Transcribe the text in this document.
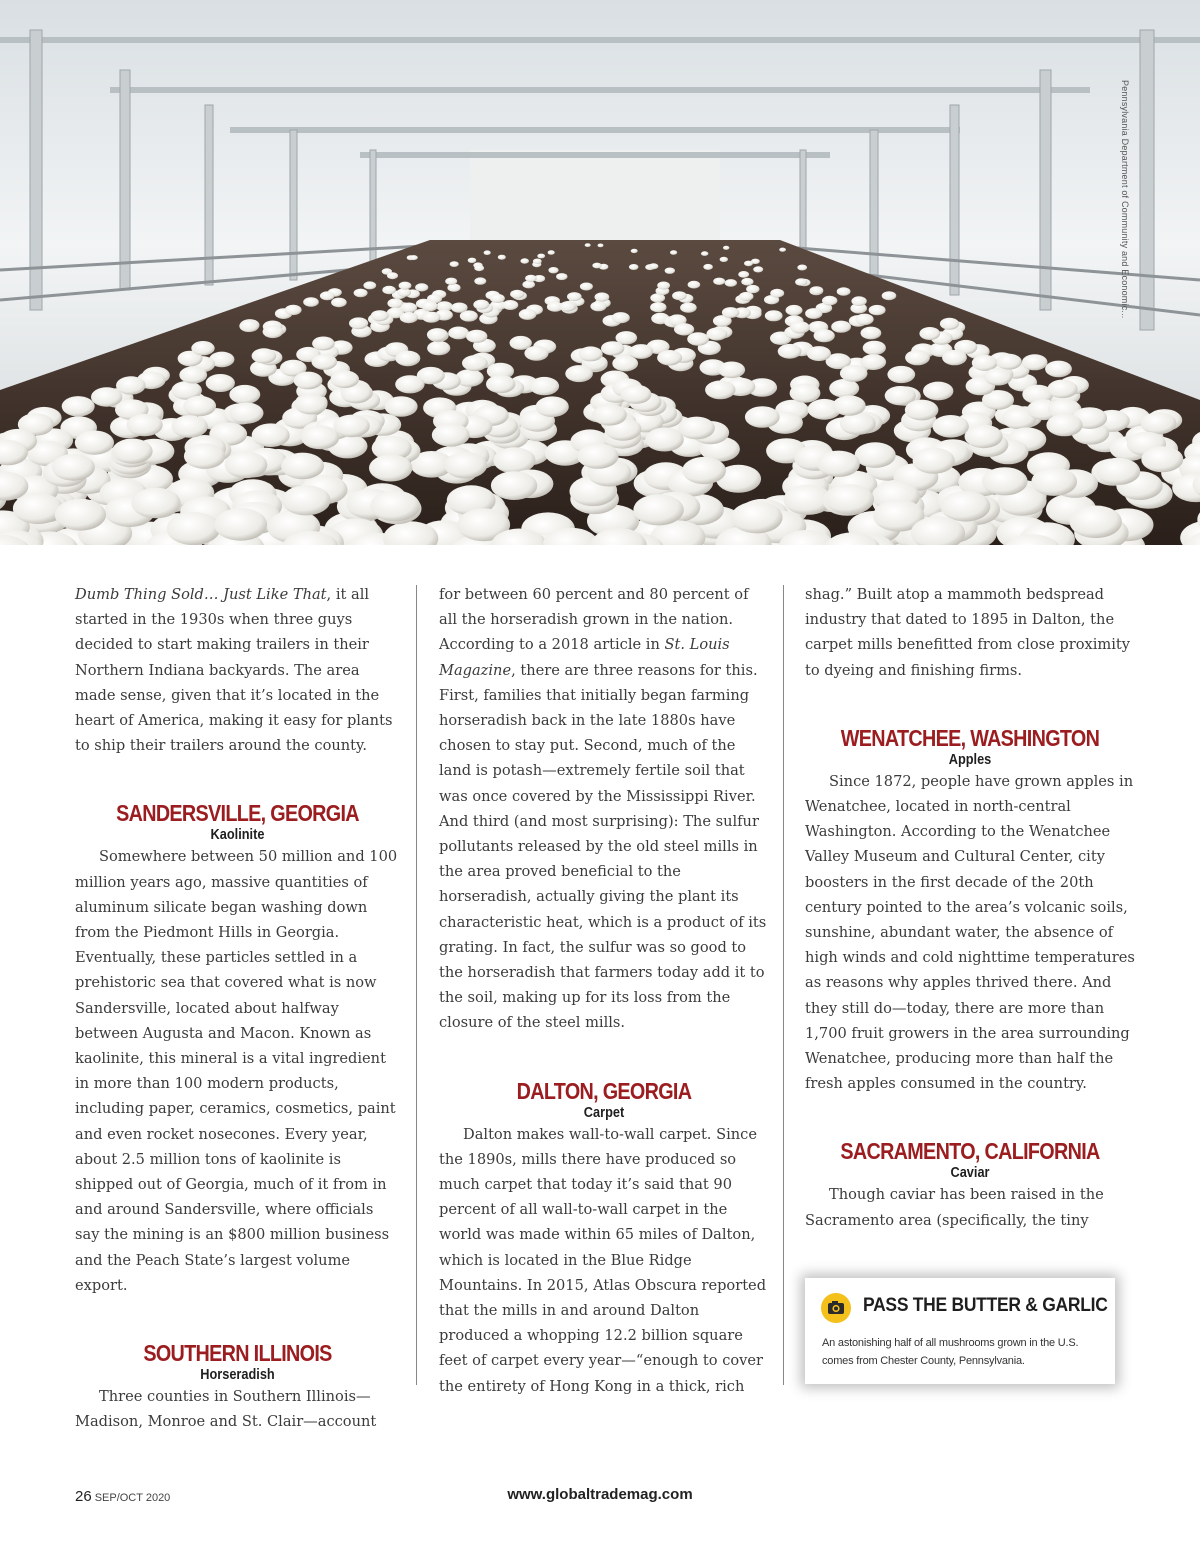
Pennsylvania Department of Community and Economic...

Dumb Thing Sold… Just Like That, it all started in the 1930s when three guys decided to start making trailers in their Northern Indiana backyards. The area made sense, given that it’s located in the heart of America, making it easy for plants to ship their trailers around the county.

SANDERSVILLE, GEORGIA
Kaolinite

Somewhere between 50 million and 100 million years ago, massive quantities of aluminum silicate began washing down from the Piedmont Hills in Georgia. Eventually, these particles settled in a prehistoric sea that covered what is now Sandersville, located about halfway between Augusta and Macon. Known as kaolinite, this mineral is a vital ingredient in more than 100 modern products, including paper, ceramics, cosmetics, paint and even rocket nosecones. Every year, about 2.5 million tons of kaolinite is shipped out of Georgia, much of it from in and around Sandersville, where officials say the mining is an $800 million business and the Peach State’s largest volume export.

SOUTHERN ILLINOIS
Horseradish

Three counties in Southern Illinois—Madison, Monroe and St. Clair—account

for between 60 percent and 80 percent of all the horseradish grown in the nation. According to a 2018 article in St. Louis Magazine, there are three reasons for this. First, families that initially began farming horseradish back in the late 1880s have chosen to stay put. Second, much of the land is potash—extremely fertile soil that was once covered by the Mississippi River. And third (and most surprising): The sulfur pollutants released by the old steel mills in the area proved beneficial to the horseradish, actually giving the plant its characteristic heat, which is a product of its grating. In fact, the sulfur was so good to the horseradish that farmers today add it to the soil, making up for its loss from the closure of the steel mills.

DALTON, GEORGIA
Carpet

Dalton makes wall-to-wall carpet. Since the 1890s, mills there have produced so much carpet that today it’s said that 90 percent of all wall-to-wall carpet in the world was made within 65 miles of Dalton, which is located in the Blue Ridge Mountains. In 2015, Atlas Obscura reported that the mills in and around Dalton produced a whopping 12.2 billion square feet of carpet every year—“enough to cover the entirety of Hong Kong in a thick, rich

shag.” Built atop a mammoth bedspread industry that dated to 1895 in Dalton, the carpet mills benefitted from close proximity to dyeing and finishing firms.

WENATCHEE, WASHINGTON
Apples

Since 1872, people have grown apples in Wenatchee, located in north-central Washington. According to the Wenatchee Valley Museum and Cultural Center, city boosters in the first decade of the 20th century pointed to the area’s volcanic soils, sunshine, abundant water, the absence of high winds and cold nighttime temperatures as reasons why apples thrived there. And they still do—today, there are more than 1,700 fruit growers in the area surrounding Wenatchee, producing more than half the fresh apples consumed in the country.

SACRAMENTO, CALIFORNIA
Caviar

Though caviar has been raised in the Sacramento area (specifically, the tiny

PASS THE BUTTER & GARLIC
An astonishing half of all mushrooms grown in the U.S. comes from Chester County, Pennsylvania.
26 SEP/OCT 2020	www.globaltrademag.com
